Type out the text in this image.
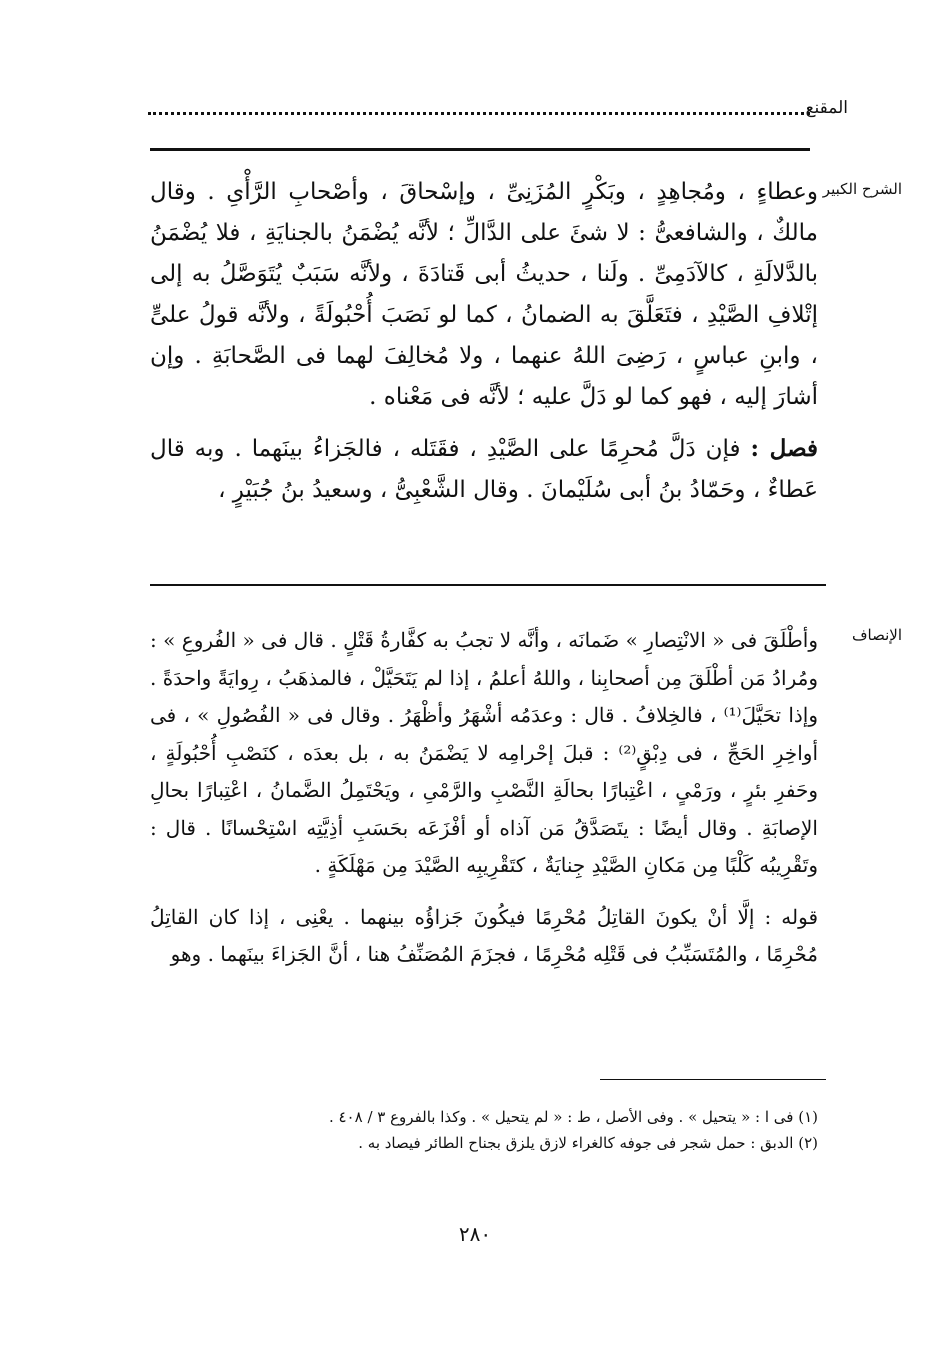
المقنع
الشرح الكبير

وعطاءٍ ، ومُجاهِدٍ ، وبَكْرٍ المُزَنِىِّ ، وإسْحاقَ ، وأصْحابِ الرَّأْىِ . وقال مالكٌ ، والشافعىُّ : لا شئَ على الدَّالِّ ؛ لأنَّه يُضْمَنُ بالجنايَةِ ، فلا يُضْمَنُ بالدَّلالَةِ ، كالآدَمِىِّ . ولَنا ، حديثُ أبى قَتادَةَ ، ولأنَّه سَبَبٌ يُتَوَصَّلُ به إلى إتْلافِ الصَّيْدِ ، فتَعَلَّقَ به الضمانُ ، كما لو نَصَبَ أُحْبُولَةً ، ولأنَّه قولُ علىٍّ ، وابنِ عباسٍ ، رَضِىَ اللهُ عنهما ، ولا مُخالِفَ لهما فى الصَّحابَةِ . وإن أشارَ إليه ، فهو كما لو دَلَّ عليه ؛ لأنَّه فى مَعْناه .

فصل : فإن دَلَّ مُحرِمًا على الصَّيْدِ ، فقَتَله ، فالجَزاءُ بينَهما . وبه قال عَطاءٌ ، وحَمّادُ بنُ أبى سُلَيْمانَ . وقال الشَّعْبِىُّ ، وسعيدُ بنُ جُبَيْرٍ ،

الإنصاف

وأطْلَقَ فى « الانْتِصارِ » ضَمانَه ، وأنَّه لا تجبُ به كفَّارةُ قَتْلٍ . قال فى « الفُروعِ » : ومُرادُ مَن أطْلَقَ مِن أصحابِنا ، واللهُ أعلمُ ، إذا لم يَتَحَيَّلْ ، فالمذهَبُ ، رِوايَةً واحدَةً . وإذا تحَيَّلَ⁽¹⁾ ، فالخِلافُ . قال : وعدَمُه أشْهَرُ وأظْهَرُ . وقال فى « الفُصُولِ » ، فى أواخِرِ الحَجِّ ، فى دِبْقٍ⁽²⁾ : قبلَ إحْرامِه لا يَضْمَنُ به ، بل بعدَه ، كنَصْبِ أُحْبُولَةٍ ، وحَفرِ بئرٍ ، ورَمْىٍ ، اعْتِبارًا بحالَةِ النَّصْبِ والرَّمْىِ ، ويَحْتَمِلُ الضَّمانُ ، اعْتِبارًا بحالِ الإصابَةِ . وقال أيضًا : يتَصَدَّقُ مَن آذاه أو أفْزَعَه بحَسَبِ أذِيَّتِه اسْتِحْسانًا . قال : وتَقْرِيبُه كَلْبًا مِن مَكانِ الصَّيْدِ جِنايَةٌ ، كتَقْرِيبِه الصَّيْدَ مِن مَهْلَكَةٍ .

قوله : إلَّا أنْ يكونَ القاتِلُ مُحْرِمًا فيكُونَ جَزاؤُه بينهما . يعْنِى ، إذا كان القاتِلُ مُحْرِمًا ، والمُتَسَبِّبُ فى قَتْلِه مُحْرِمًا ، فجزَمَ المُصَنِّفُ هنا ، أنَّ الجَزاءَ بينَهما . وهو

(١) فى ا : « يتحيل » . وفى الأصل ، ط : « لم يتحيل » . وكذا بالفروع ٣ / ٤٠٨ .

(٢) الدبق : حمل شجر فى جوفه كالغراء لازق يلزق بجناح الطائر فيصاد به .

٢٨٠
